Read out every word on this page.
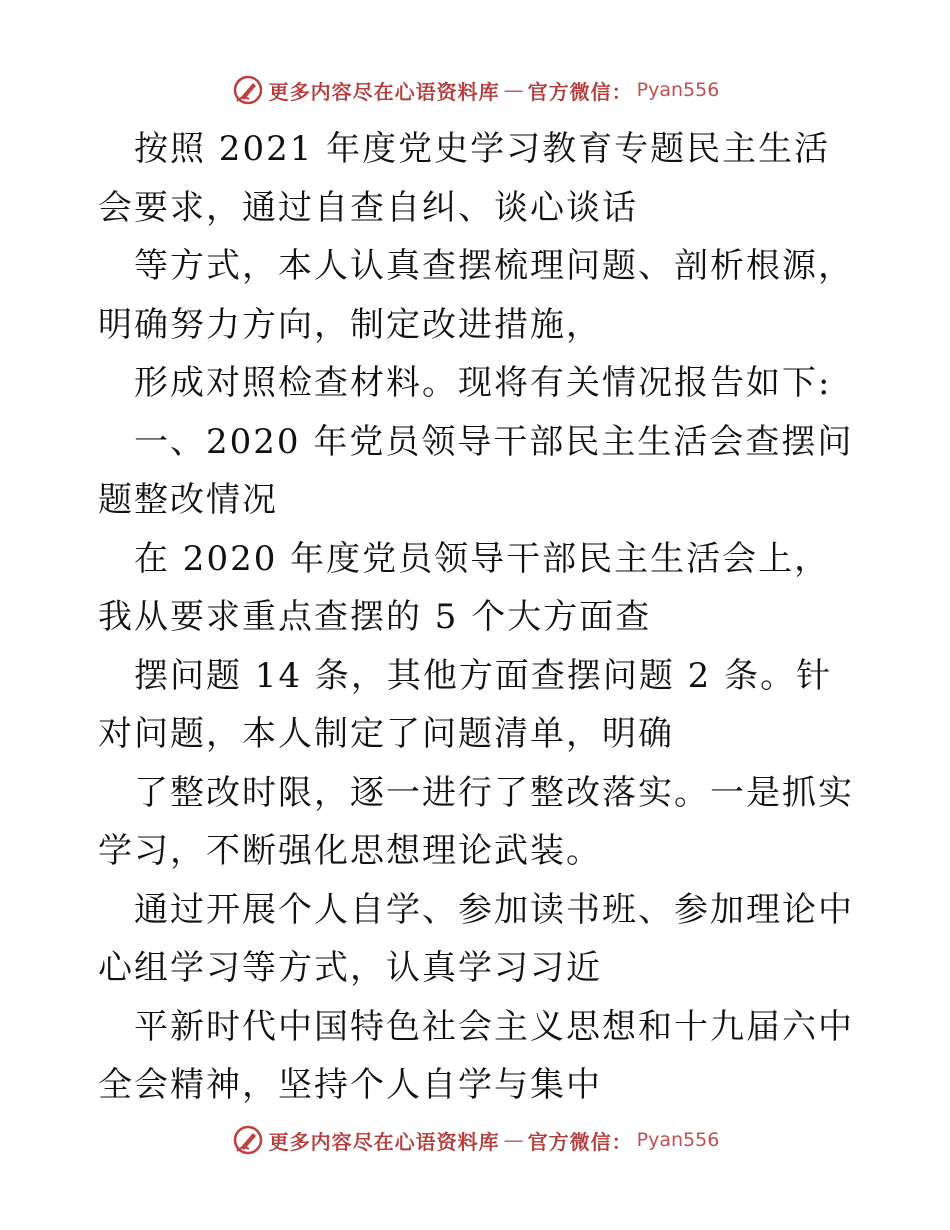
更多内容尽在心语资料库 — 官方微信： Pyan556

按照 2021 年度党史学习教育专题民主生活会要求，通过自查自纠、谈心谈话

等方式，本人认真查摆梳理问题、剖析根源，明确努力方向，制定改进措施，

形成对照检查材料。现将有关情况报告如下:

一、2020 年党员领导干部民主生活会查摆问题整改情况

在 2020 年度党员领导干部民主生活会上，我从要求重点查摆的 5 个大方面查

摆问题 14 条，其他方面查摆问题 2 条。针对问题，本人制定了问题清单，明确

了整改时限，逐一进行了整改落实。一是抓实学习，不断强化思想理论武装。

通过开展个人自学、参加读书班、参加理论中心组学习等方式，认真学习习近

平新时代中国特色社会主义思想和十九届六中全会精神，坚持个人自学与集中

更多内容尽在心语资料库 — 官方微信： Pyan556
